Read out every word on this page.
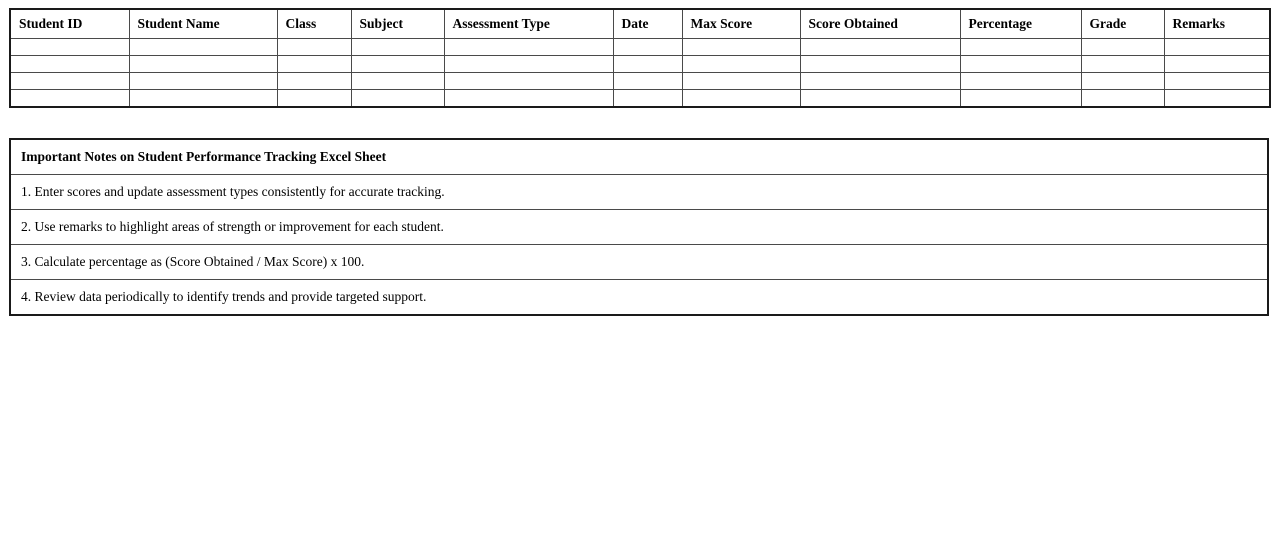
Student ID	Student Name	Class	Subject	Assessment Type	Date	Max Score	Score Obtained	Percentage	Grade	Remarks

Important Notes on Student Performance Tracking Excel Sheet
1. Enter scores and update assessment types consistently for accurate tracking.
2. Use remarks to highlight areas of strength or improvement for each student.
3. Calculate percentage as (Score Obtained / Max Score) x 100.
4. Review data periodically to identify trends and provide targeted support.
